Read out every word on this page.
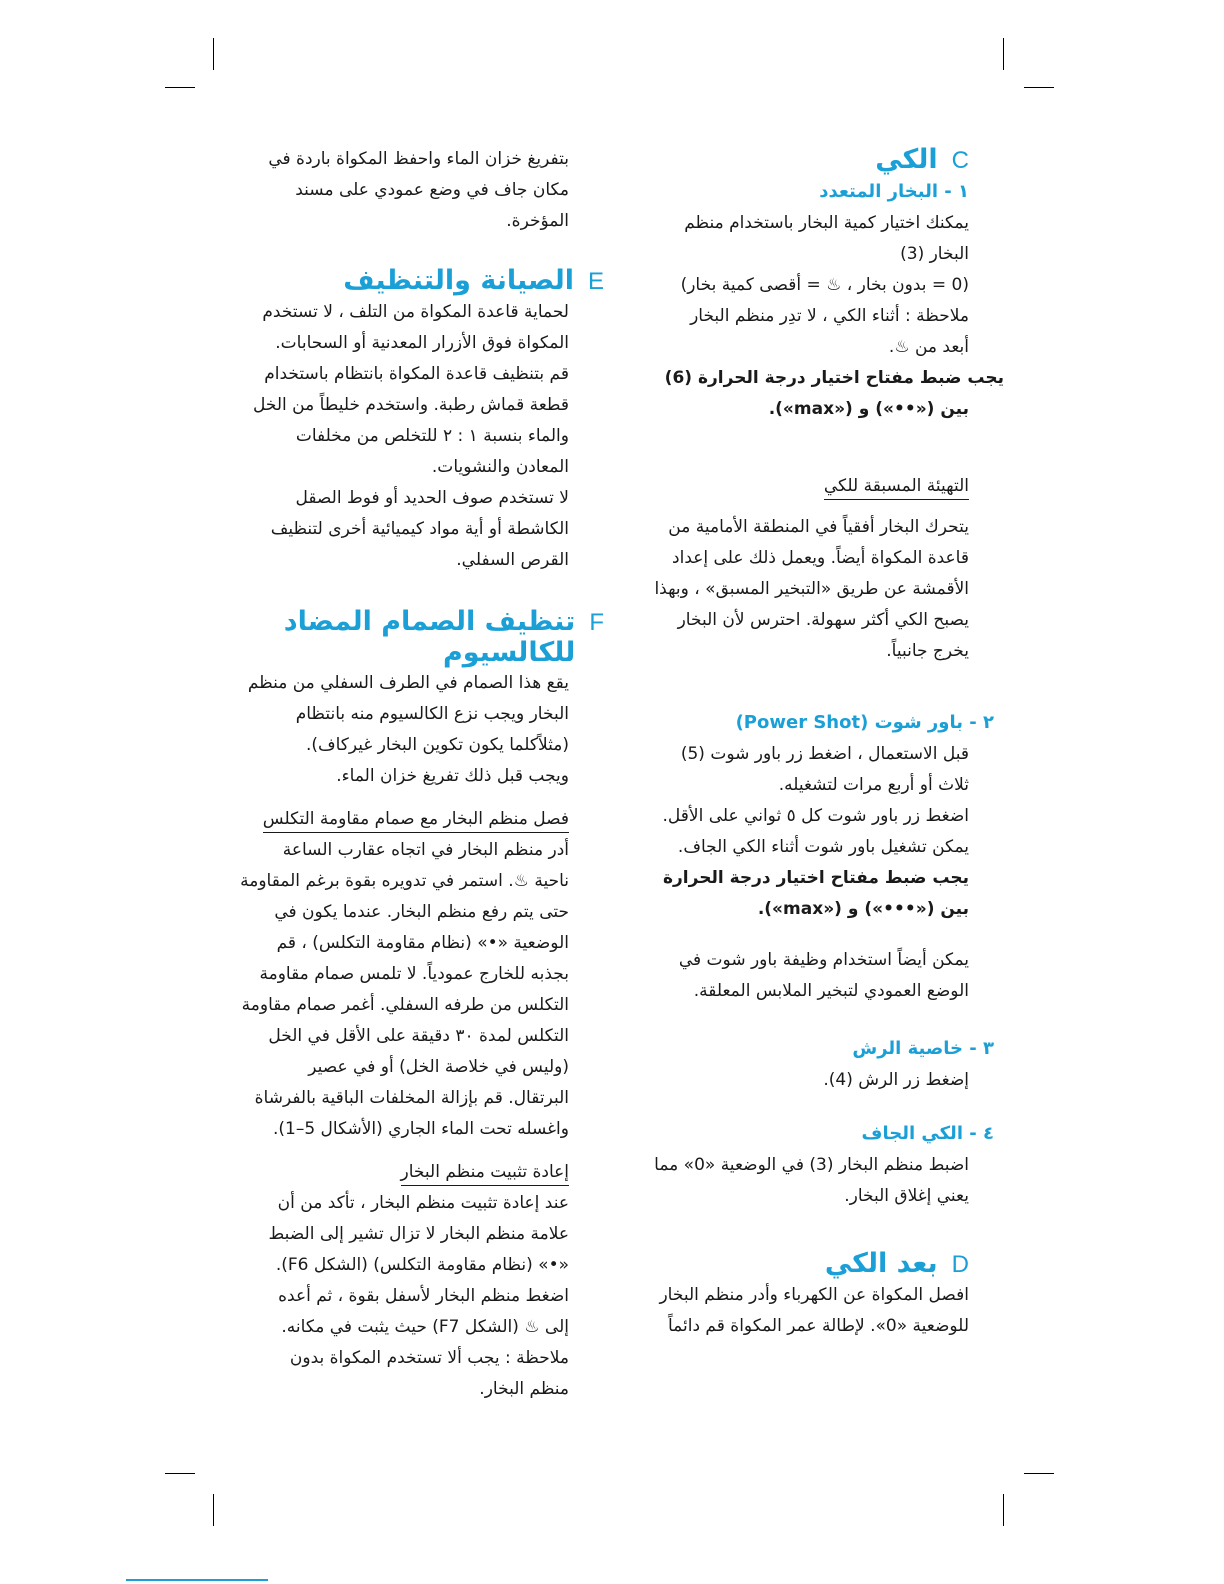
C
الكي

١ - البخار المتعدد

يمكنك اختيار كمية البخار باستخدام منظم

البخار (3)

(0 = بدون بخار ، ♨ = أقصى كمية بخار)

ملاحظة : أثناء الكي ، لا تدِر منظم البخار

أبعد من ♨.

يجب ضبط مفتاح اختيار درجة الحرارة (6)

بين («••») و («max»).

التهيئة المسبقة للكي

يتحرك البخار أفقياً في المنطقة الأمامية من

قاعدة المكواة أيضاً. ويعمل ذلك على إعداد

الأقمشة عن طريق «التبخير المسبق» ، وبهذا

يصبح الكي أكثر سهولة. احترس لأن البخار

يخرج جانبياً.

٢ - باور شوت (Power Shot)

قبل الاستعمال ، اضغط زر باور شوت (5)

ثلاث أو أربع مرات لتشغيله.

اضغط زر باور شوت كل ٥ ثواني على الأقل.

يمكن تشغيل باور شوت أثناء الكي الجاف.

يجب ضبط مفتاح اختيار درجة الحرارة

بين («•••») و («max»).

يمكن أيضاً استخدام وظيفة باور شوت في

الوضع العمودي لتبخير الملابس المعلقة.

٣ - خاصية الرش

إضغط زر الرش (4).

٤ - الكي الجاف

اضبط منظم البخار (3) في الوضعية «0» مما

يعني إغلاق البخار.

D
بعد الكي

افصل المكواة عن الكهرباء وأدر منظم البخار

للوضعية «0». لإطالة عمر المكواة قم دائماً

بتفريغ خزان الماء واحفظ المكواة باردة في

مكان جاف في وضع عمودي على مسند

المؤخرة.

E
الصيانة والتنظيف

لحماية قاعدة المكواة من التلف ، لا تستخدم

المكواة فوق الأزرار المعدنية أو السحابات.

قم بتنظيف قاعدة المكواة بانتظام باستخدام

قطعة قماش رطبة. واستخدم خليطاً من الخل

والماء بنسبة ١ : ٢ للتخلص من مخلفات

المعادن والنشويات.

لا تستخدم صوف الحديد أو فوط الصقل

الكاشطة أو أية مواد كيميائية أخرى لتنظيف

القرص السفلي.

F
تنظيف الصمام المضاد للكالسيوم

يقع هذا الصمام في الطرف السفلي من منظم

البخار ويجب نزع الكالسيوم منه بانتظام

(مثلاًكلما يكون تكوين البخار غيركاف).

ويجب قبل ذلك تفريغ خزان الماء.

فصل منظم البخار مع صمام مقاومة التكلس

أدر منظم البخار في اتجاه عقارب الساعة

ناحية ♨. استمر في تدويره بقوة برغم المقاومة

حتى يتم رفع منظم البخار. عندما يكون في

الوضعية «•» (نظام مقاومة التكلس) ، قم

بجذبه للخارج عمودياً. لا تلمس صمام مقاومة

التكلس من طرفه السفلي. أغمر صمام مقاومة

التكلس لمدة ٣٠ دقيقة على الأقل في الخل

(وليس في خلاصة الخل) أو في عصير

البرتقال. قم بإزالة المخلفات الباقية بالفرشاة

واغسله تحت الماء الجاري (الأشكال 5–1).

إعادة تثبيت منظم البخار

عند إعادة تثبيت منظم البخار ، تأكد من أن

علامة منظم البخار لا تزال تشير إلى الضبط

«•» (نظام مقاومة التكلس) (الشكل F6).

اضغط منظم البخار لأسفل بقوة ، ثم أعده

إلى ♨ (الشكل F7) حيث يثبت في مكانه.

ملاحظة : يجب ألا تستخدم المكواة بدون

منظم البخار.
